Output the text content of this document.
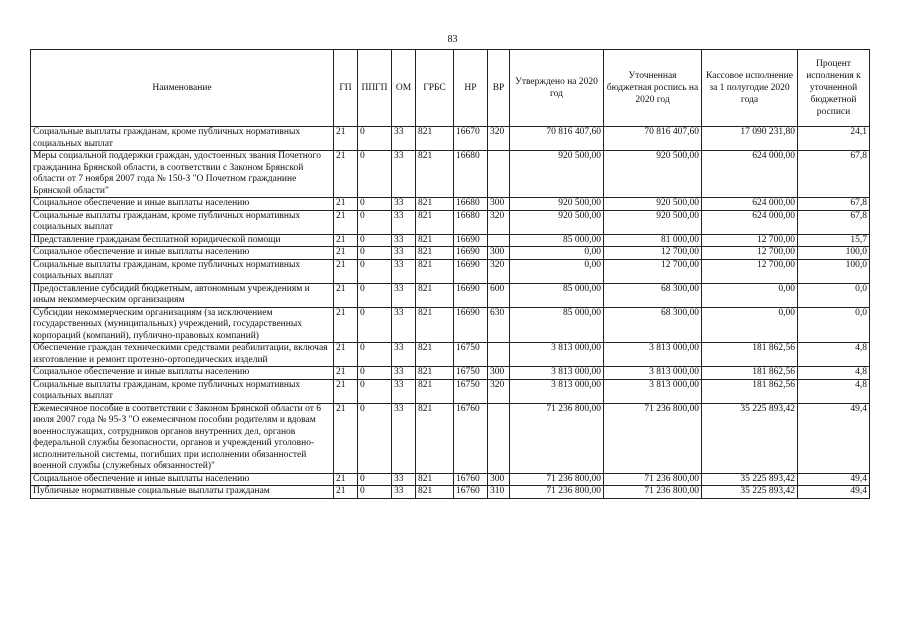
83
Наименование	ГП	ППГП	ОМ	ГРБС	НР	ВР	Утверждено на 2020 год	Уточненная бюджетная роспись на 2020 год	Кассовое исполнение за 1 полугодие 2020 года	Процент исполнения к уточненной бюджетной росписи
Социальные выплаты гражданам, кроме публичных нормативных социальных выплат	21	0	33	821	16670	320	70 816 407,60	70 816 407,60	17 090 231,80	24,1
Меры социальной поддержки граждан, удостоенных звания Почетного гражданина Брянской области, в соответствии с Законом Брянской области от 7 ноября 2007 года № 150-З "О Почетном гражданине Брянской области"	21	0	33	821	16680		920 500,00	920 500,00	624 000,00	67,8
Социальное обеспечение и иные выплаты населению	21	0	33	821	16680	300	920 500,00	920 500,00	624 000,00	67,8
Социальные выплаты гражданам, кроме публичных нормативных социальных выплат	21	0	33	821	16680	320	920 500,00	920 500,00	624 000,00	67,8
Представление гражданам бесплатной юридической помощи	21	0	33	821	16690		85 000,00	81 000,00	12 700,00	15,7
Социальное обеспечение и иные выплаты населению	21	0	33	821	16690	300	0,00	12 700,00	12 700,00	100,0
Социальные выплаты гражданам, кроме публичных нормативных социальных выплат	21	0	33	821	16690	320	0,00	12 700,00	12 700,00	100,0
Предоставление субсидий бюджетным, автономным учреждениям и иным некоммерческим организациям	21	0	33	821	16690	600	85 000,00	68 300,00	0,00	0,0
Субсидии некоммерческим организациям (за исключением государственных (муниципальных) учреждений, государственных корпораций (компаний), публично-правовых компаний)	21	0	33	821	16690	630	85 000,00	68 300,00	0,00	0,0
Обеспечение граждан техническими средствами реабилитации, включая изготовление и ремонт протезно-ортопедических изделий	21	0	33	821	16750		3 813 000,00	3 813 000,00	181 862,56	4,8
Социальное обеспечение и иные выплаты населению	21	0	33	821	16750	300	3 813 000,00	3 813 000,00	181 862,56	4,8
Социальные выплаты гражданам, кроме публичных нормативных социальных выплат	21	0	33	821	16750	320	3 813 000,00	3 813 000,00	181 862,56	4,8
Ежемесячное пособие в соответствии с Законом Брянской области от 6 июля 2007 года № 95-З "О ежемесячном пособии родителям и вдовам военнослужащих, сотрудников органов внутренних дел, органов федеральной службы безопасности, органов и учреждений уголовно-исполнительной системы, погибших при исполнении обязанностей военной службы (служебных обязанностей)"	21	0	33	821	16760		71 236 800,00	71 236 800,00	35 225 893,42	49,4
Социальное обеспечение и иные выплаты населению	21	0	33	821	16760	300	71 236 800,00	71 236 800,00	35 225 893,42	49,4
Публичные нормативные социальные выплаты гражданам	21	0	33	821	16760	310	71 236 800,00	71 236 800,00	35 225 893,42	49,4
